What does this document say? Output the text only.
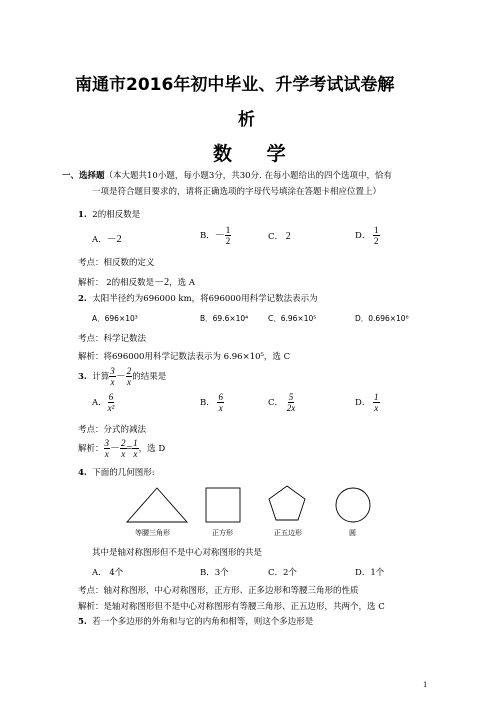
南通市2016年初中毕业、升学考试试卷解
析
数 学
一、选择题（本大题共10小题，每小题3分，共30分. 在每小题给出的四个选项中，恰有
一项是符合题目要求的，请将正确选项的字母代号填涂在答题卡相应位置上）
1. 2的相反数是
A．－2	B．－ $\frac{1}{2}$	C． 2	D． $\frac{1}{2}$
考点：相反数的定义
解析： 2的相反数是－2，选 A
2. 太阳半径约为696000 km，将696000用科学记数法表示为
A．696×10³	B．69.6×10⁴	C．6.96×10⁵	D．0.696×10⁶
考点：科学记数法
解析：将696000用科学记数法表示为 6.96×10⁵，选 C
3. 计算 $\frac{3}{x} - \frac{2}{x}$ 的结果是
A． $\frac{6}{\text{x²}}$	B． $\frac{6}{x}$	C． $\frac{5}{2x}$	D． $\frac{1}{x}$
考点：分式的减法
解析： $\frac{3}{x} - \frac{2}{x} = \frac{1}{x}$ ，选 D
4. 下面的几何图形:
等腰三角形	正方形	正五边形	圆
其中是轴对称图形但不是中心对称图形的共是
A． 4个	B．3个	C．2个	D．1个
考点：轴对称图形，中心对称图形，正方形、正多边形和等腰三角形的性质
解析：是轴对称图形但不是中心对称图形有等腰三角形、正五边形，共两个，选 C
5. 若一个多边形的外角和与它的内角和相等，则这个多边形是
1
